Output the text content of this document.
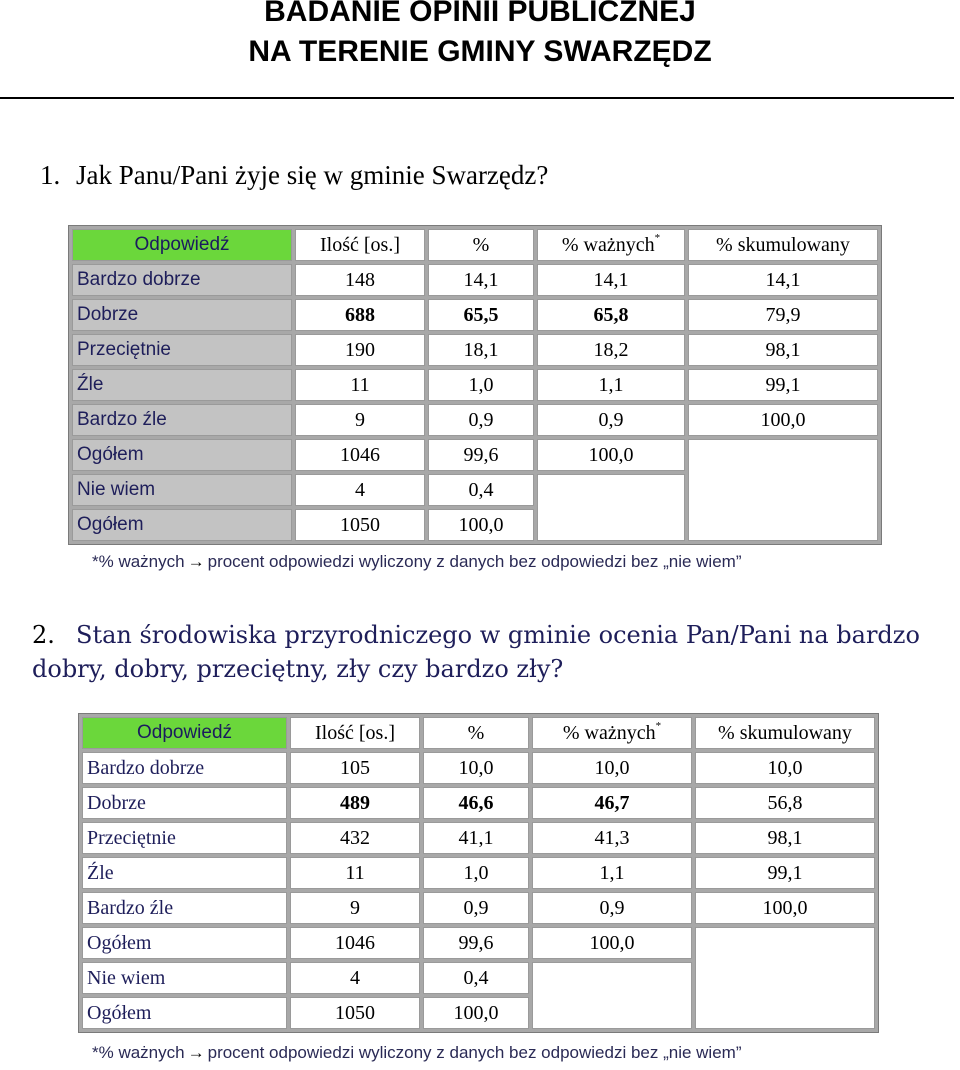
BADANIE OPINII PUBLICZNEJ
NA TERENIE GMINY SWARZĘDZ
1. Jak Panu/Pani żyje się w gminie Swarzędz?
Odpowiedź	Ilość [os.]	%	% ważnych*	% skumulowany
Bardzo dobrze	148	14,1	14,1	14,1
Dobrze	688	65,5	65,8	79,9
Przeciętnie	190	18,1	18,2	98,1
Źle	11	1,0	1,1	99,1
Bardzo źle	9	0,9	0,9	100,0
Ogółem	1046	99,6	100,0	
Nie wiem	4	0,4		
Ogółem	1050	100,0		
*% ważnych → procent odpowiedzi wyliczony z danych bez odpowiedzi bez „nie wiem”
2. Stan środowiska przyrodniczego w gminie ocenia Pan/Pani na bardzo dobry, dobry, przeciętny, zły czy bardzo zły?
Odpowiedź	Ilość [os.]	%	% ważnych*	% skumulowany
Bardzo dobrze	105	10,0	10,0	10,0
Dobrze	489	46,6	46,7	56,8
Przeciętnie	432	41,1	41,3	98,1
Źle	11	1,0	1,1	99,1
Bardzo źle	9	0,9	0,9	100,0
Ogółem	1046	99,6	100,0	
Nie wiem	4	0,4		
Ogółem	1050	100,0		
*% ważnych → procent odpowiedzi wyliczony z danych bez odpowiedzi bez „nie wiem”
